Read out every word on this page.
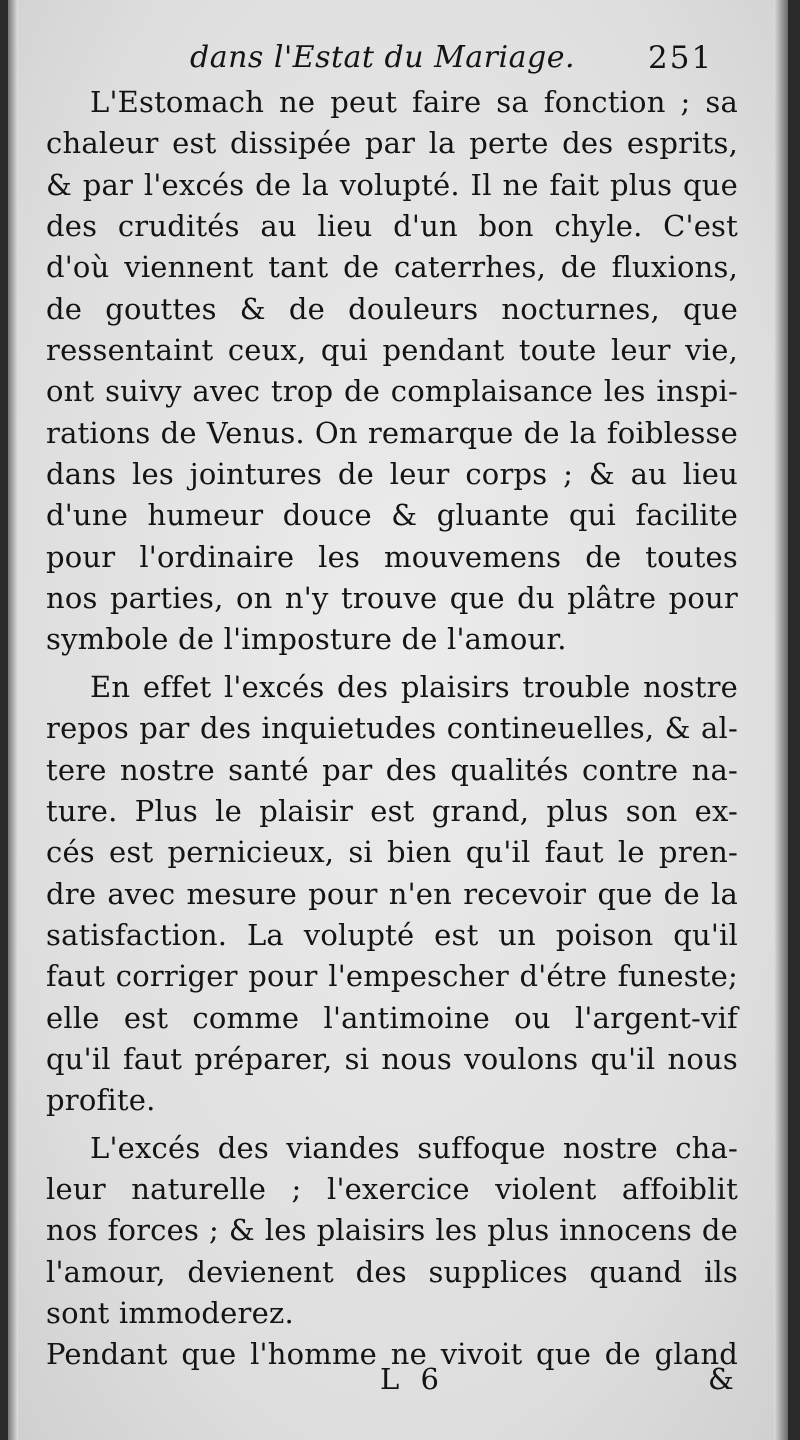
dans l'Estat du Mariage. 251
L'Estomach ne peut faire sa fonction ; sa
chaleur est dissipée par la perte des esprits,
& par l'excés de la volupté. Il ne fait plus que
des crudités au lieu d'un bon chyle. C'est
d'où viennent tant de caterrhes, de fluxions,
de gouttes & de douleurs nocturnes, que
ressentaint ceux, qui pendant toute leur vie,
ont suivy avec trop de complaisance les inspi-
rations de Venus. On remarque de la foiblesse
dans les jointures de leur corps ; & au lieu
d'une humeur douce & gluante qui facilite
pour l'ordinaire les mouvemens de toutes
nos parties, on n'y trouve que du plâtre pour
symbole de l'imposture de l'amour.
En effet l'excés des plaisirs trouble nostre
repos par des inquietudes contineuelles, & al-
tere nostre santé par des qualités contre na-
ture. Plus le plaisir est grand, plus son ex-
cés est pernicieux, si bien qu'il faut le pren-
dre avec mesure pour n'en recevoir que de la
satisfaction. La volupté est un poison qu'il
faut corriger pour l'empescher d'étre funeste;
elle est comme l'antimoine ou l'argent-vif
qu'il faut préparer, si nous voulons qu'il nous
profite.
L'excés des viandes suffoque nostre cha-
leur naturelle ; l'exercice violent affoiblit
nos forces ; & les plaisirs les plus innocens de
l'amour, devienent des supplices quand ils
sont immoderez.
Pendant que l'homme ne vivoit que de gland
L 6	&
